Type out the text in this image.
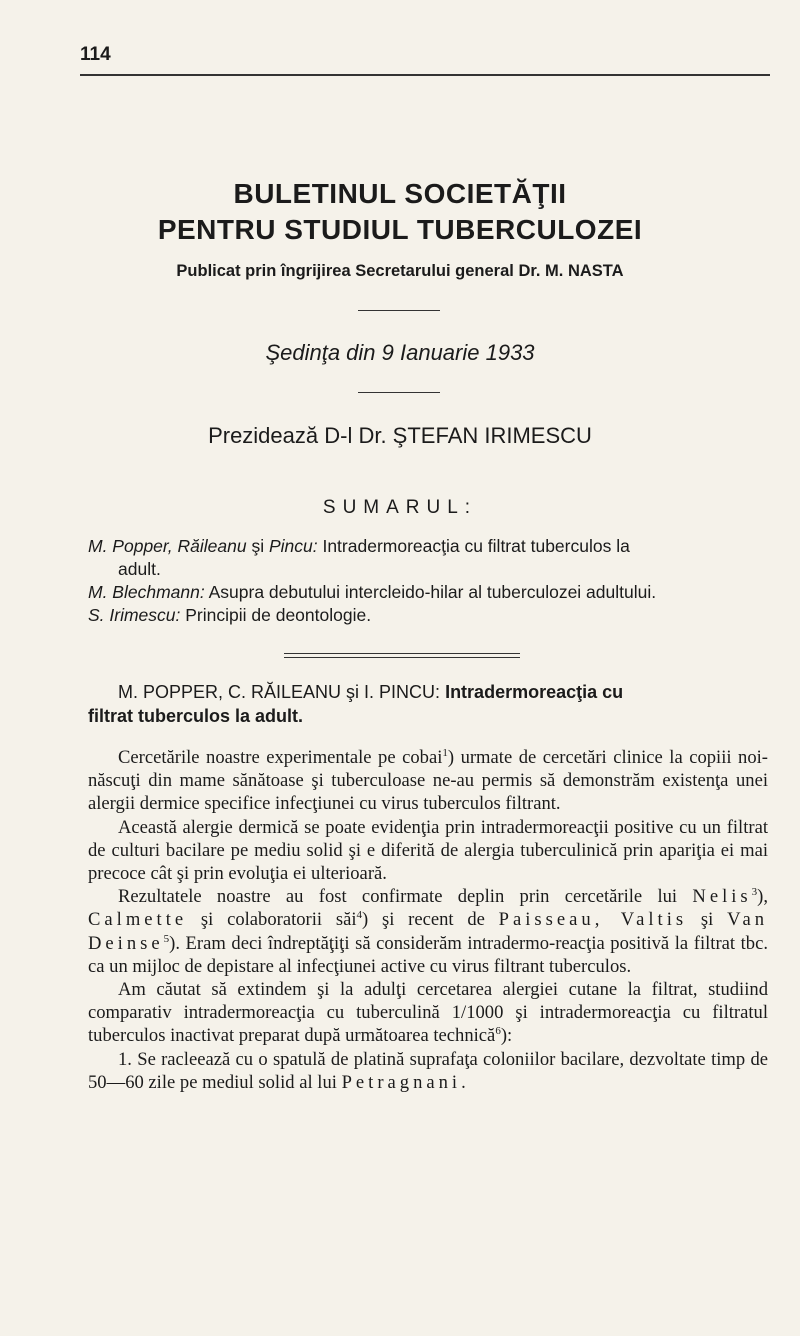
114
BULETINUL SOCIETĂŢII
PENTRU STUDIUL TUBERCULOZEI
Publicat prin îngrijirea Secretarului general Dr. M. NASTA
Şedinţa din 9 Ianuarie 1933
Prezidează D-l Dr. ŞTEFAN IRIMESCU
SUMARUL:

M. Popper, Răileanu şi Pincu: Intradermoreacţia cu filtrat tuberculos la
adult.

M. Blechmann: Asupra debutului intercleido-hilar al tuberculozei adultului.

S. Irimescu: Principii de deontologie.

M. POPPER, C. RĂILEANU şi I. PINCU: Intradermoreacţia cu
filtrat tuberculos la adult.

Cercetările noastre experimentale pe cobai$^1$) urmate de cercetări clinice la copiii noi-născuţi din mame sănătoase şi tuberculoase ne-au permis să demonstrăm existenţa unei alergii dermice specifice infecţiunei cu virus tuberculos filtrant.

Această alergie dermică se poate evidenţia prin intradermoreacţii positive cu un filtrat de culturi bacilare pe mediu solid şi e diferită de alergia tuberculinică prin apariţia ei mai precoce cât şi prin evoluţia ei ulterioară.

Rezultatele noastre au fost confirmate deplin prin cercetările lui Nelis$^3$), Calmette şi colaboratorii săi$^4$) şi recent de Paisseau, Valtis şi Van Deinse$^5$). Eram deci îndreptăţiţi să considerăm intradermo-reacţia positivă la filtrat tbc. ca un mijloc de depistare al infecţiunei active cu virus filtrant tuberculos.

Am căutat să extindem şi la adulţi cercetarea alergiei cutane la filtrat, studiind comparativ intradermoreacţia cu tuberculină 1/1000 şi intradermoreacţia cu filtratul tuberculos inactivat preparat după următoarea technică$^6$):

1. Se racleează cu o spatulă de platină suprafaţa coloniilor bacilare, dezvoltate timp de 50—60 zile pe mediul solid al lui Petragnani.
